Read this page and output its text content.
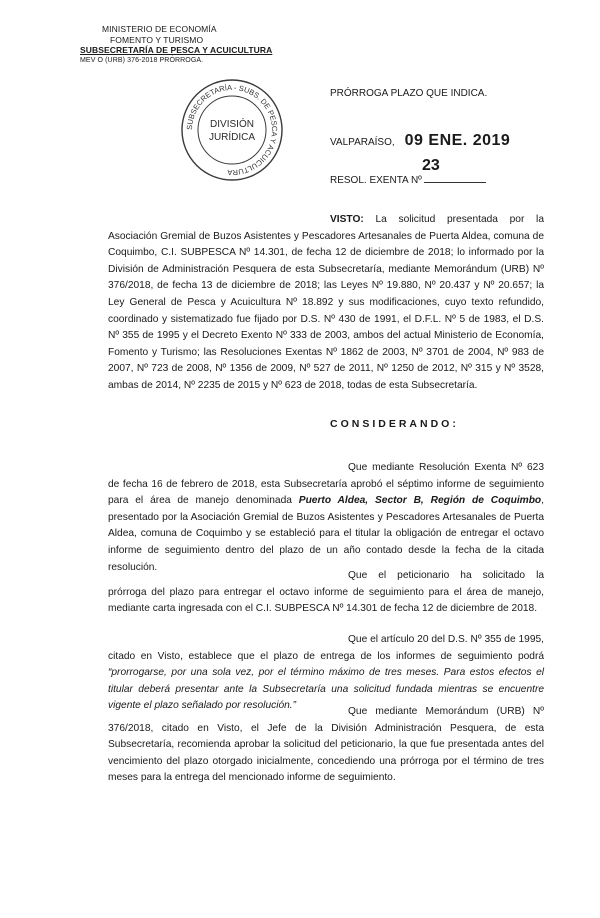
MINISTERIO DE ECONOMÍA
FOMENTO Y TURISMO
SUBSECRETARÍA DE PESCA Y ACUICULTURA
MEV O (URB) 376-2018 PRÓRROGA.
SUBSECRETARÍA - SUBS. DE PESCA Y ACUICULTURA
DIVISIÓN
JURÍDICA
PRÓRROGA PLAZO QUE INDICA.
VALPARAÍSO, 09 ENE. 2019
23
RESOL. EXENTA Nº
VISTO: La solicitud presentada por la Asociación Gremial de Buzos Asistentes y Pescadores Artesanales de Puerta Aldea, comuna de Coquimbo, C.I. SUBPESCA Nº 14.301, de fecha 12 de diciembre de 2018; lo informado por la División de Administración Pesquera de esta Subsecretaría, mediante Memorándum (URB) Nº 376/2018, de fecha 13 de diciembre de 2018; las Leyes Nº 19.880, Nº 20.437 y Nº 20.657; la Ley General de Pesca y Acuicultura Nº 18.892 y sus modificaciones, cuyo texto refundido, coordinado y sistematizado fue fijado por D.S. Nº 430 de 1991, el D.F.L. Nº 5 de 1983, el D.S. Nº 355 de 1995 y el Decreto Exento Nº 333 de 2003, ambos del actual Ministerio de Economía, Fomento y Turismo; las Resoluciones Exentas Nº 1862 de 2003, Nº 3701 de 2004, Nº 983 de 2007, Nº 723 de 2008, Nº 1356 de 2009, Nº 527 de 2011, Nº 1250 de 2012, Nº 315 y Nº 3528, ambas de 2014, Nº 2235 de 2015 y Nº 623 de 2018, todas de esta Subsecretaría.
CONSIDERANDO:
Que mediante Resolución Exenta Nº 623 de fecha 16 de febrero de 2018, esta Subsecretaría aprobó el séptimo informe de seguimiento para el área de manejo denominada Puerto Aldea, Sector B, Región de Coquimbo, presentado por la Asociación Gremial de Buzos Asistentes y Pescadores Artesanales de Puerta Aldea, comuna de Coquimbo y se estableció para el titular la obligación de entregar el octavo informe de seguimiento dentro del plazo de un año contado desde la fecha de la citada resolución.
Que el peticionario ha solicitado la prórroga del plazo para entregar el octavo informe de seguimiento para el área de manejo, mediante carta ingresada con el C.I. SUBPESCA Nº 14.301 de fecha 12 de diciembre de 2018.
Que el artículo 20 del D.S. Nº 355 de 1995, citado en Visto, establece que el plazo de entrega de los informes de seguimiento podrá “prorrogarse, por una sola vez, por el término máximo de tres meses. Para estos efectos el titular deberá presentar ante la Subsecretaría una solicitud fundada mientras se encuentre vigente el plazo señalado por resolución.”
Que mediante Memorándum (URB) Nº 376/2018, citado en Visto, el Jefe de la División Administración Pesquera, de esta Subsecretaría, recomienda aprobar la solicitud del peticionario, la que fue presentada antes del vencimiento del plazo otorgado inicialmente, concediendo una prórroga por el término de tres meses para la entrega del mencionado informe de seguimiento.
